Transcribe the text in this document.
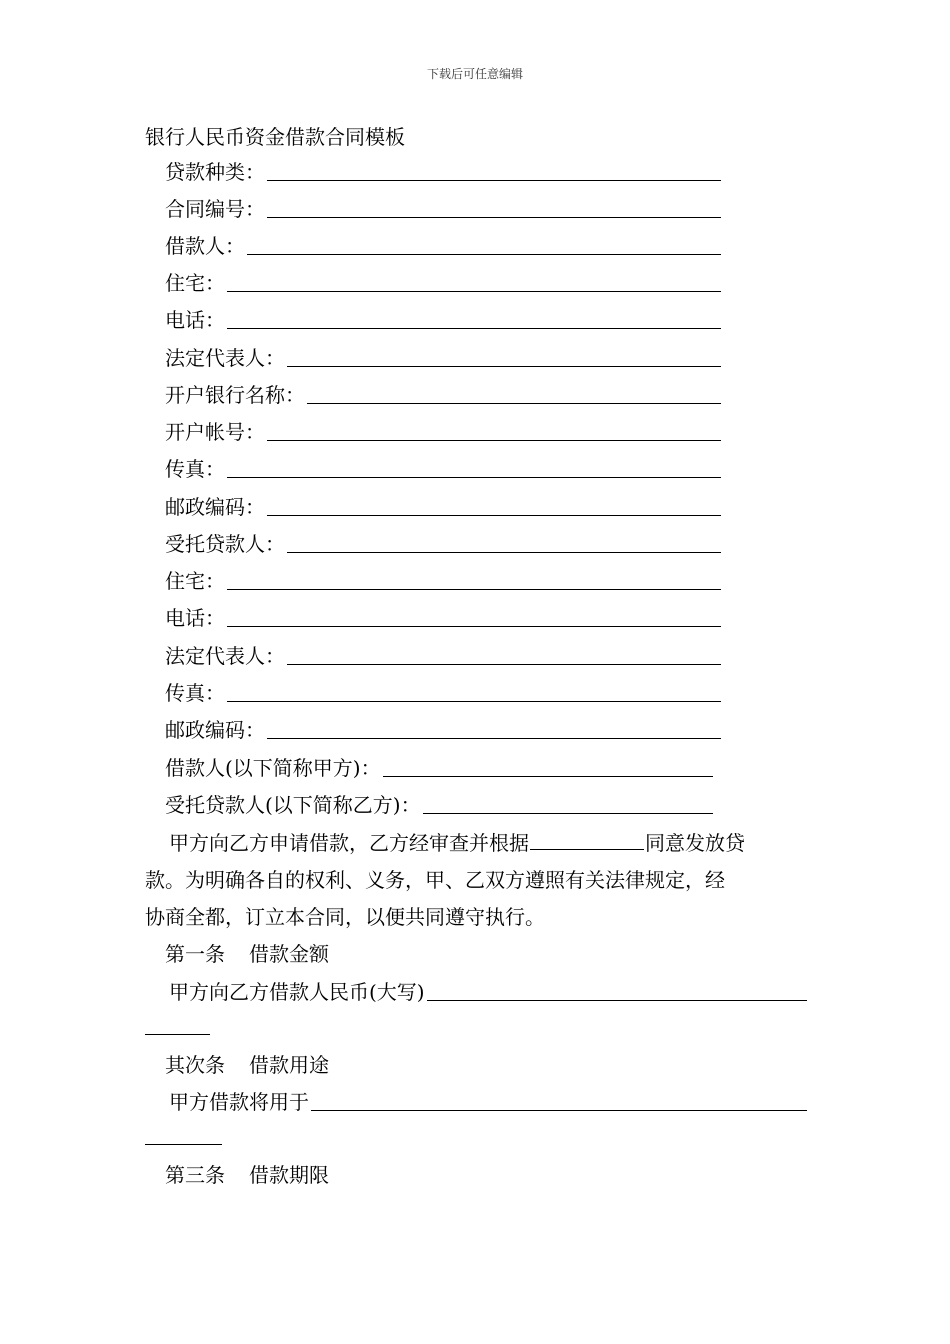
下载后可任意编辑
银行人民币资金借款合同模板
贷款种类：
合同编号：
借款人：
住宅：
电话：
法定代表人：
开户银行名称：
开户帐号：
传真：
邮政编码：
受托贷款人：
住宅：
电话：
法定代表人：
传真：
邮政编码：
借款人(以下简称甲方)：
受托贷款人(以下简称乙方)：
甲方向乙方申请借款，乙方经审查并根据	同意发放贷
款。为明确各自的权利、义务，甲、乙双方遵照有关法律规定，经
协商全都，订立本合同，以便共同遵守执行。
第一条 借款金额
甲方向乙方借款人民币(大写)
其次条 借款用途
甲方借款将用于
第三条 借款期限
